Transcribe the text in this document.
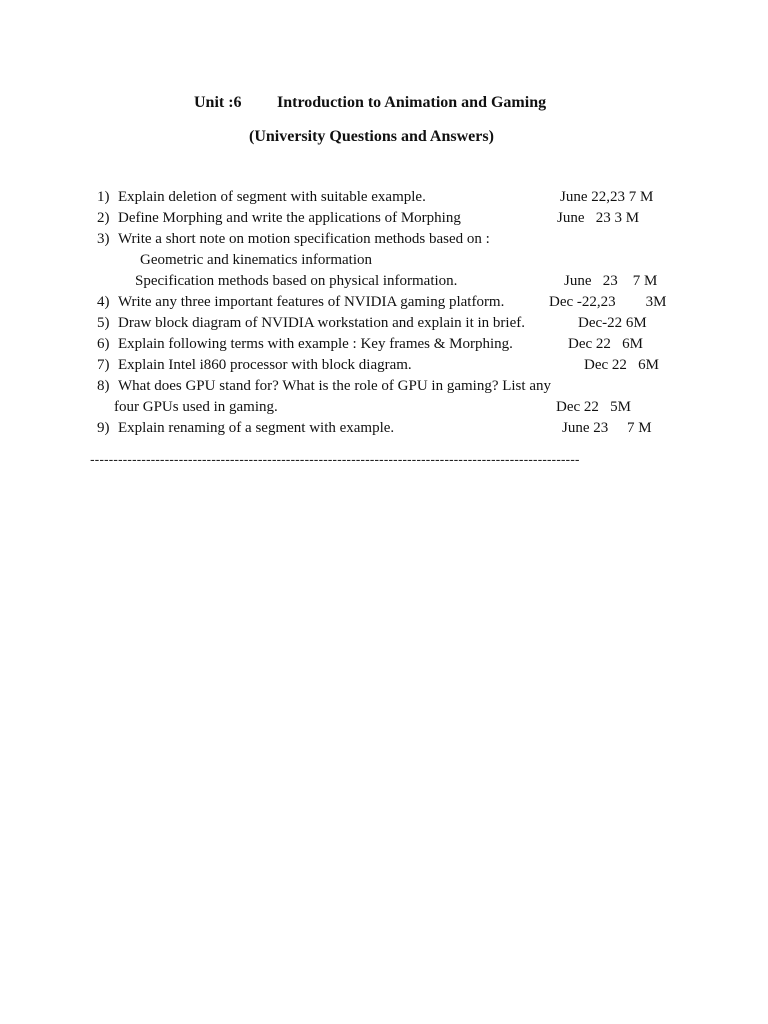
Unit :6 Introduction to Animation and Gaming
(University Questions and Answers)
1) Explain deletion of segment with suitable example.	June 22,23 7 M
2) Define Morphing and write the applications of Morphing	June   23 3 M
3) Write a short note on motion specification methods based on :
Geometric and kinematics information
Specification methods based on physical information.	June   23    7 M
4) Write any three important features of NVIDIA gaming platform.	Dec -22,23        3M
5) Draw block diagram of NVIDIA workstation and explain it in brief.	Dec-22 6M
6) Explain following terms with example : Key frames & Morphing.	Dec 22   6M
7) Explain Intel i860 processor with block diagram.	Dec 22   6M
8) What does GPU stand for? What is the role of GPU in gaming? List any
four GPUs used in gaming.	Dec 22   5M
9) Explain renaming of a segment with example.	June 23     7 M
---------------------------------------------------------------------------------------------------------
